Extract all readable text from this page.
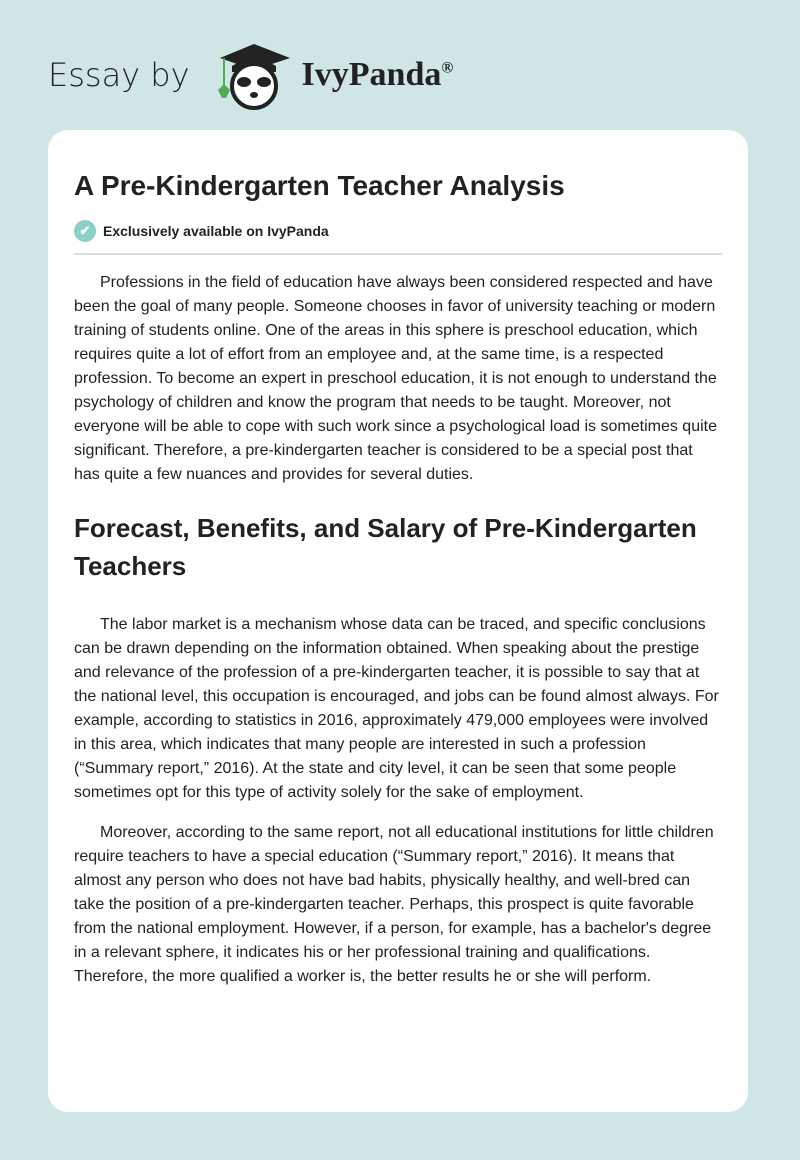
Essay by	IvyPanda®
A Pre-Kindergarten Teacher Analysis
✔ Exclusively available on IvyPanda

Professions in the field of education have always been considered respected and have been the goal of many people. Someone chooses in favor of university teaching or modern training of students online. One of the areas in this sphere is preschool education, which requires quite a lot of effort from an employee and, at the same time, is a respected profession. To become an expert in preschool education, it is not enough to understand the psychology of children and know the program that needs to be taught. Moreover, not everyone will be able to cope with such work since a psychological load is sometimes quite significant. Therefore, a pre-kindergarten teacher is considered to be a special post that has quite a few nuances and provides for several duties.

Forecast, Benefits, and Salary of Pre-Kindergarten Teachers

The labor market is a mechanism whose data can be traced, and specific conclusions can be drawn depending on the information obtained. When speaking about the prestige and relevance of the profession of a pre-kindergarten teacher, it is possible to say that at the national level, this occupation is encouraged, and jobs can be found almost always. For example, according to statistics in 2016, approximately 479,000 employees were involved in this area, which indicates that many people are interested in such a profession (“Summary report,” 2016). At the state and city level, it can be seen that some people sometimes opt for this type of activity solely for the sake of employment.

Moreover, according to the same report, not all educational institutions for little children require teachers to have a special education (“Summary report,” 2016). It means that almost any person who does not have bad habits, physically healthy, and well-bred can take the position of a pre-kindergarten teacher. Perhaps, this prospect is quite favorable from the national employment. However, if a person, for example, has a bachelor's degree in a relevant sphere, it indicates his or her professional training and qualifications. Therefore, the more qualified a worker is, the better results he or she will perform.
